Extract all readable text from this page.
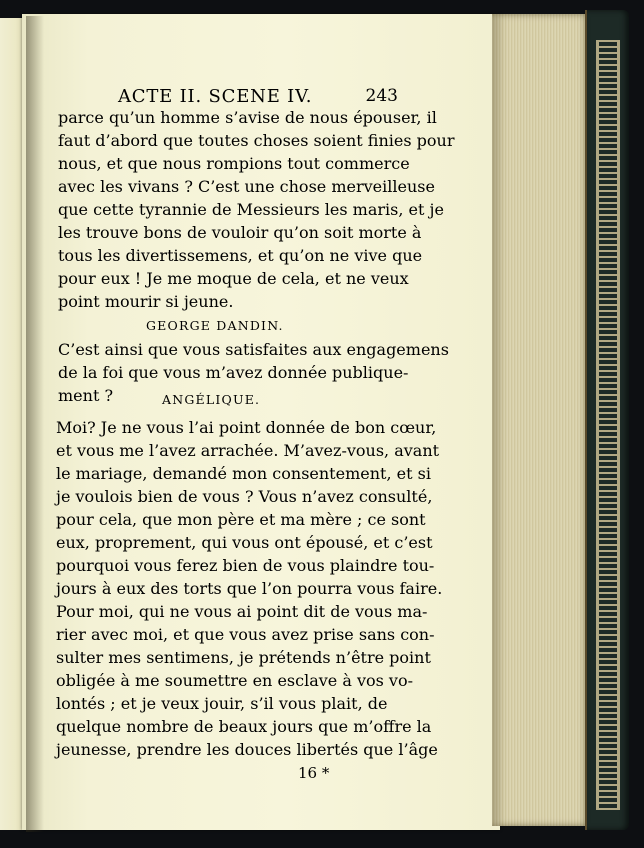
ACTE II. SCENE IV.	243
parce qu’un homme s’avise de nous épouser, il
faut d’abord que toutes choses soient finies pour
nous, et que nous rompions tout commerce
avec les vivans ? C’est une chose merveilleuse
que cette tyrannie de Messieurs les maris, et je
les trouve bons de vouloir qu’on soit morte à
tous les divertissemens, et qu’on ne vive que
pour eux ! Je me moque de cela, et ne veux
point mourir si jeune.
GEORGE DANDIN.
C’est ainsi que vous satisfaites aux engagemens
de la foi que vous m’avez donnée publique-
ment ?	ANGÉLIQUE.
Moi? Je ne vous l’ai point donnée de bon cœur,
et vous me l’avez arrachée. M’avez-vous, avant
le mariage, demandé mon consentement, et si
je voulois bien de vous ? Vous n’avez consulté,
pour cela, que mon père et ma mère ; ce sont
eux, proprement, qui vous ont épousé, et c’est
pourquoi vous ferez bien de vous plaindre tou-
jours à eux des torts que l’on pourra vous faire.
Pour moi, qui ne vous ai point dit de vous ma-
rier avec moi, et que vous avez prise sans con-
sulter mes sentimens, je prétends n’être point
obligée à me soumettre en esclave à vos vo-
lontés ; et je veux jouir, s’il vous plait, de
quelque nombre de beaux jours que m’offre la
jeunesse, prendre les douces libertés que l’âge
16 *
